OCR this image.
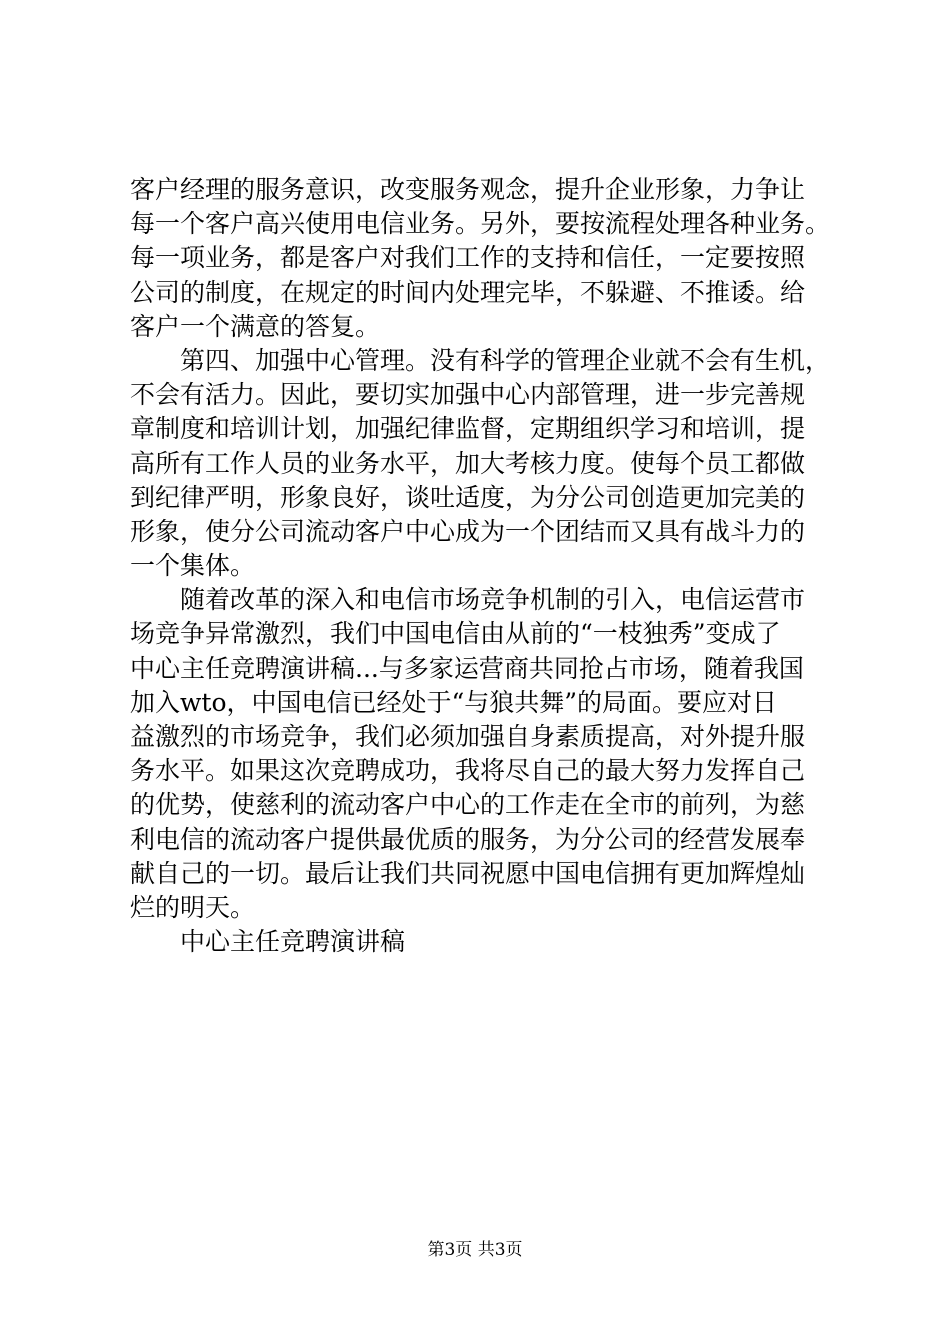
客户经理的服务意识，改变服务观念，提升企业形象，力争让
每一个客户高兴使用电信业务。另外，要按流程处理各种业务。
每一项业务，都是客户对我们工作的支持和信任，一定要按照
公司的制度，在规定的时间内处理完毕，不躲避、不推诿。给
客户一个满意的答复。
　　第四、加强中心管理。没有科学的管理企业就不会有生机，
不会有活力。因此，要切实加强中心内部管理，进一步完善规
章制度和培训计划，加强纪律监督，定期组织学习和培训，提
高所有工作人员的业务水平，加大考核力度。使每个员工都做
到纪律严明，形象良好，谈吐适度，为分公司创造更加完美的
形象，使分公司流动客户中心成为一个团结而又具有战斗力的
一个集体。
　　随着改革的深入和电信市场竞争机制的引入，电信运营市
场竞争异常激烈，我们中国电信由从前的“一枝独秀”变成了
中心主任竞聘演讲稿...与多家运营商共同抢占市场，随着我国
加入wto，中国电信已经处于“与狼共舞”的局面。要应对日
益激烈的市场竞争，我们必须加强自身素质提高，对外提升服
务水平。如果这次竞聘成功，我将尽自己的最大努力发挥自己
的优势，使慈利的流动客户中心的工作走在全市的前列，为慈
利电信的流动客户提供最优质的服务，为分公司的经营发展奉
献自己的一切。最后让我们共同祝愿中国电信拥有更加辉煌灿
烂的明天。
　　中心主任竞聘演讲稿
第3页 共3页
